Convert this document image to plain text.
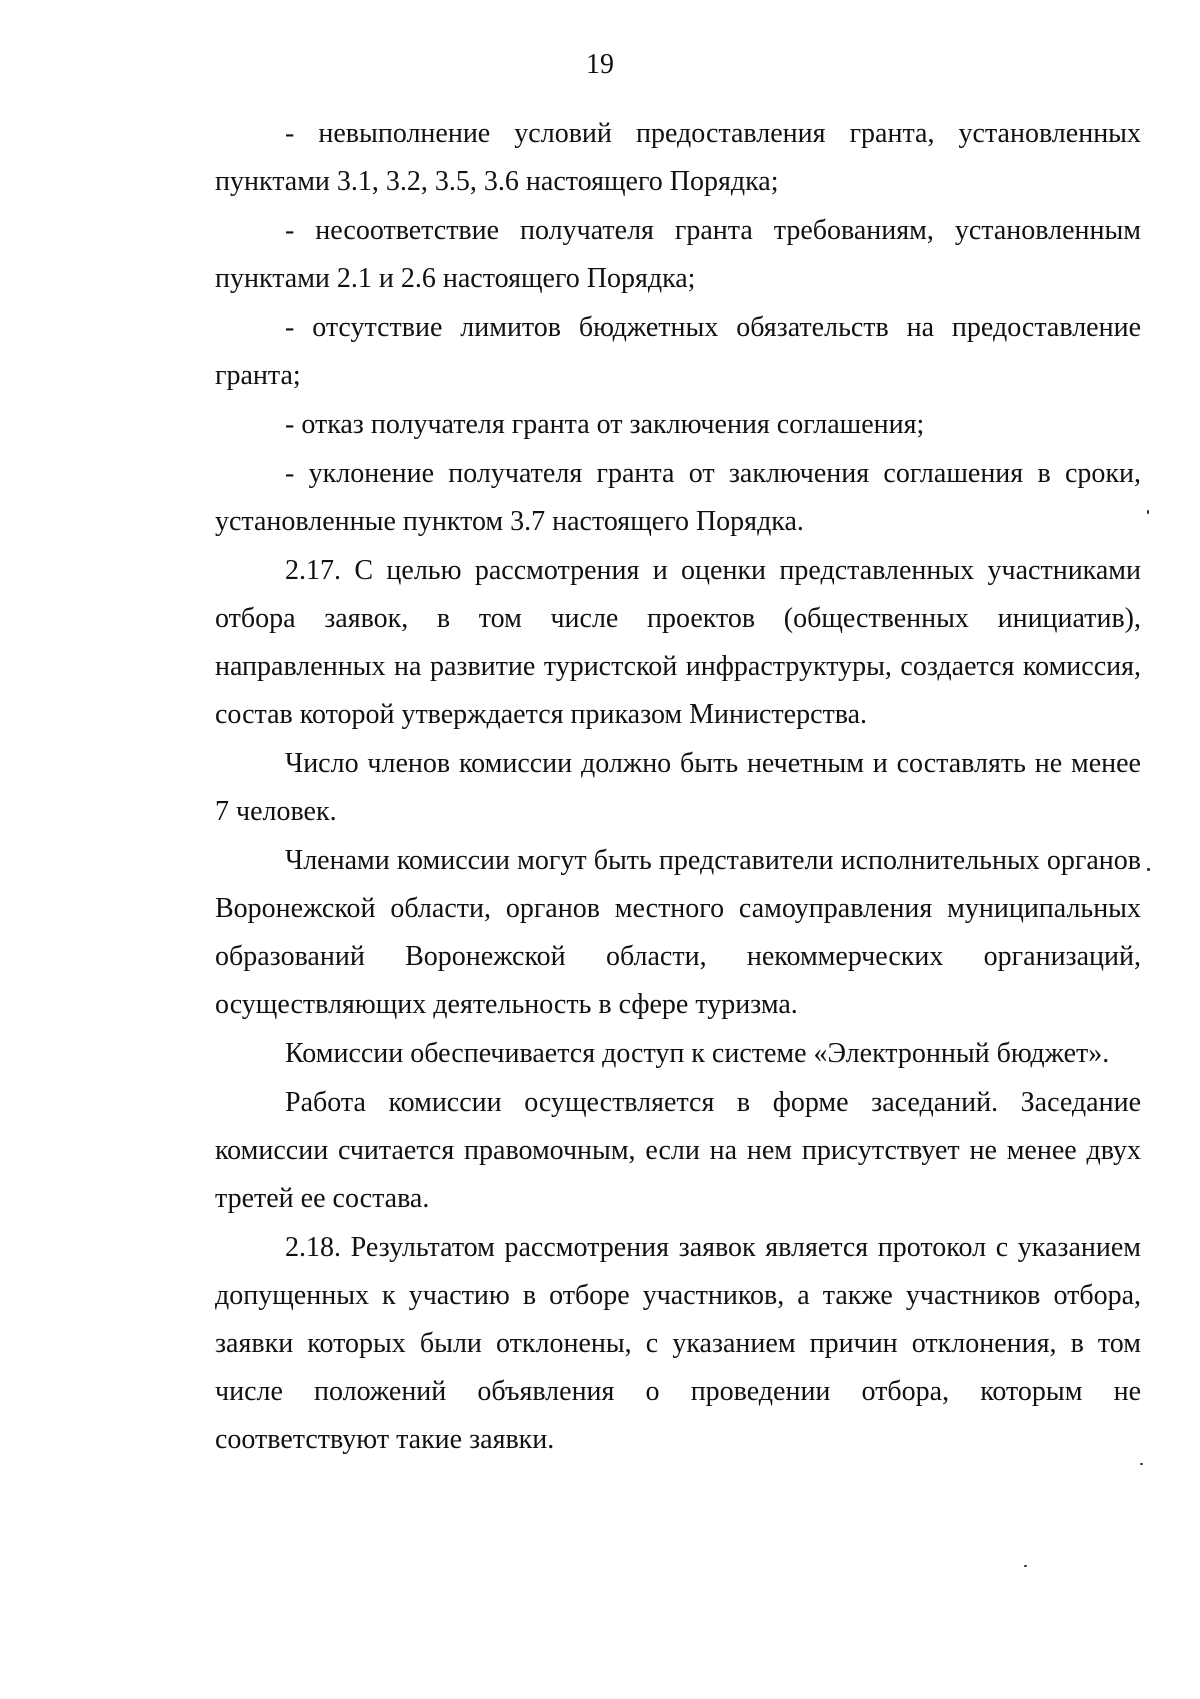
19

- невыполнение условий предоставления гранта, установленных пунктами 3.1, 3.2, 3.5, 3.6 настоящего Порядка;

- несоответствие получателя гранта требованиям, установленным пунктами 2.1 и 2.6 настоящего Порядка;

- отсутствие лимитов бюджетных обязательств на предоставление гранта;

- отказ получателя гранта от заключения соглашения;

- уклонение получателя гранта от заключения соглашения в сроки, установленные пунктом 3.7 настоящего Порядка.

2.17. С целью рассмотрения и оценки представленных участниками отбора заявок, в том числе проектов (общественных инициатив), направленных на развитие туристской инфраструктуры, создается комиссия, состав которой утверждается приказом Министерства.

Число членов комиссии должно быть нечетным и составлять не менее 7 человек.

Членами комиссии могут быть представители исполнительных органов Воронежской области, органов местного самоуправления муниципальных образований Воронежской области, некоммерческих организаций, осуществляющих деятельность в сфере туризма.

Комиссии обеспечивается доступ к системе «Электронный бюджет».

Работа комиссии осуществляется в форме заседаний. Заседание комиссии считается правомочным, если на нем присутствует не менее двух третей ее состава.

2.18. Результатом рассмотрения заявок является протокол с указанием допущенных к участию в отборе участников, а также участников отбора, заявки которых были отклонены, с указанием причин отклонения, в том числе положений объявления о проведении отбора, которым не соответствуют такие заявки.
